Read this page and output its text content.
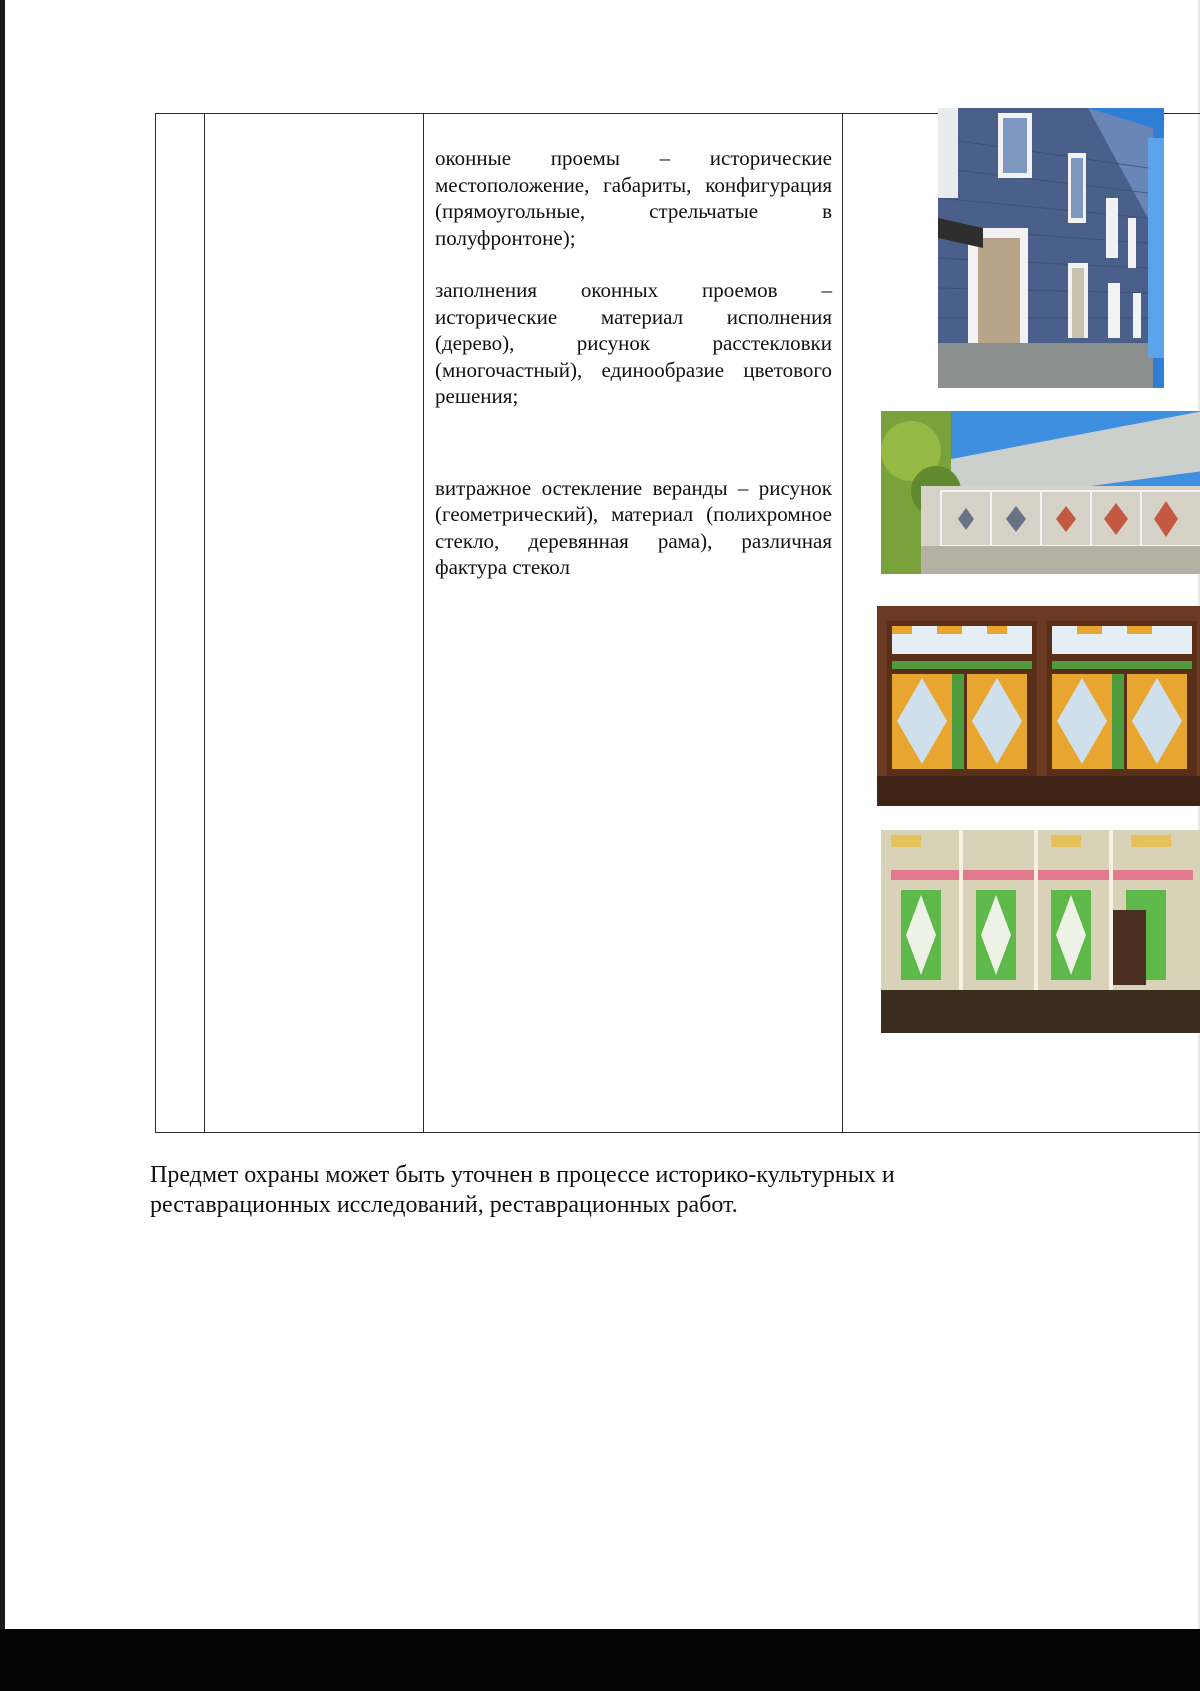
оконные проемы – исторические местоположение, габариты, конфигурация (прямоугольные, стрельчатые в полуфронтоне);

заполнения оконных проемов – исторические материал исполнения (дерево), рисунок расстекловки (многочастный), единообразие цветового решения;

витражное остекление веранды – рисунок (геометрический), материал (полихромное стекло, деревянная рама), различная фактура стекол

Предмет охраны может быть уточнен в процессе историко-культурных и реставрационных исследований, реставрационных работ.
